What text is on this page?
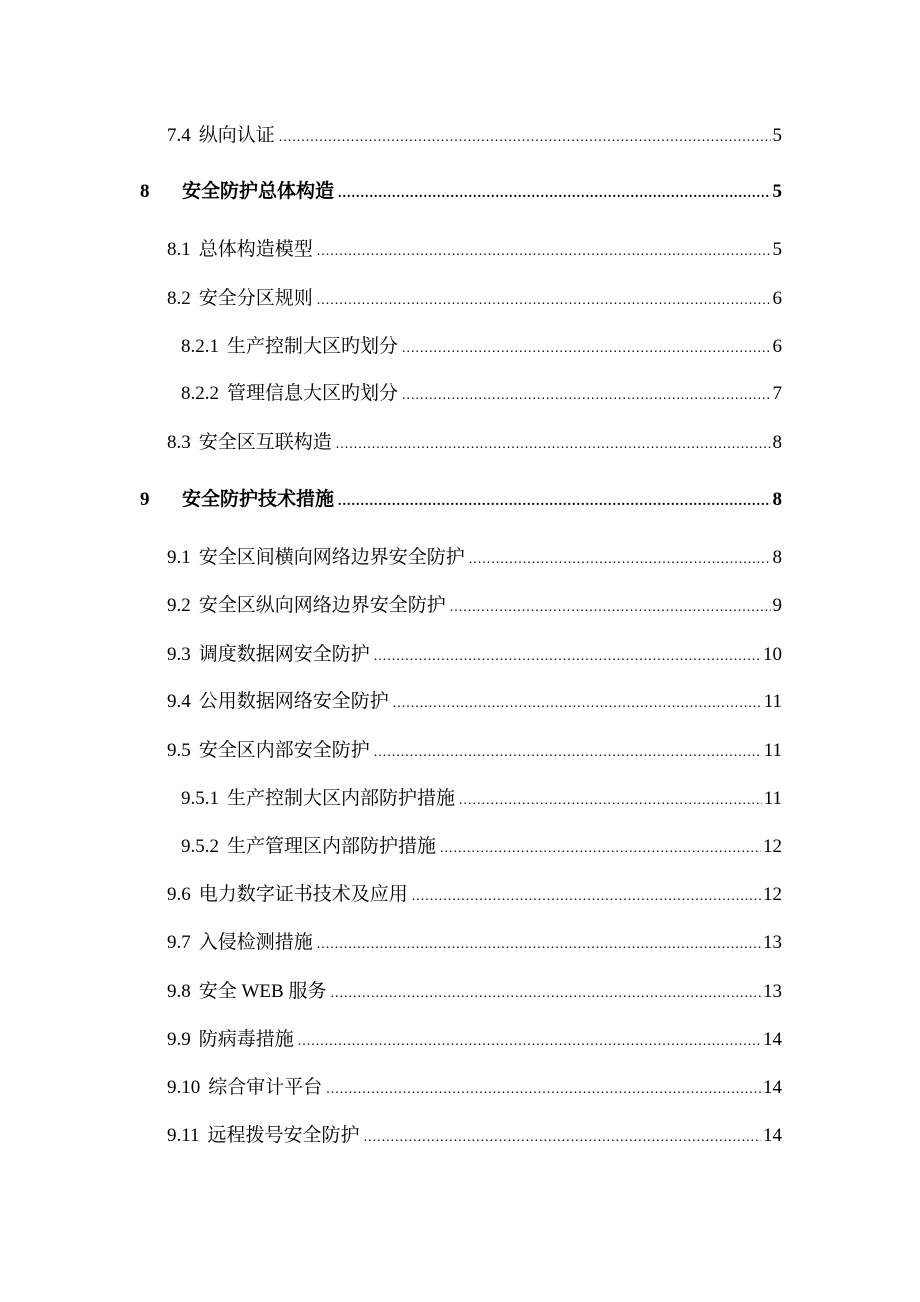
7.4 纵向认证 .....	5
8	安全防护总体构造 .....	5
8.1 总体构造模型 .....	5
8.2 安全分区规则 .....	6
8.2.1 生产控制大区旳划分 .....	6
8.2.2 管理信息大区旳划分 .....	7
8.3 安全区互联构造 .....	8
9	安全防护技术措施 .....	8
9.1 安全区间横向网络边界安全防护 .....	8
9.2 安全区纵向网络边界安全防护 .....	9
9.3 调度数据网安全防护 .....	10
9.4 公用数据网络安全防护 .....	11
9.5 安全区内部安全防护 .....	11
9.5.1 生产控制大区内部防护措施 .....	11
9.5.2 生产管理区内部防护措施 .....	12
9.6 电力数字证书技术及应用 .....	12
9.7 入侵检测措施 .....	13
9.8 安全 WEB 服务 .....	13
9.9 防病毒措施 .....	14
9.10 综合审计平台 .....	14
9.11 远程拨号安全防护 .....	14
